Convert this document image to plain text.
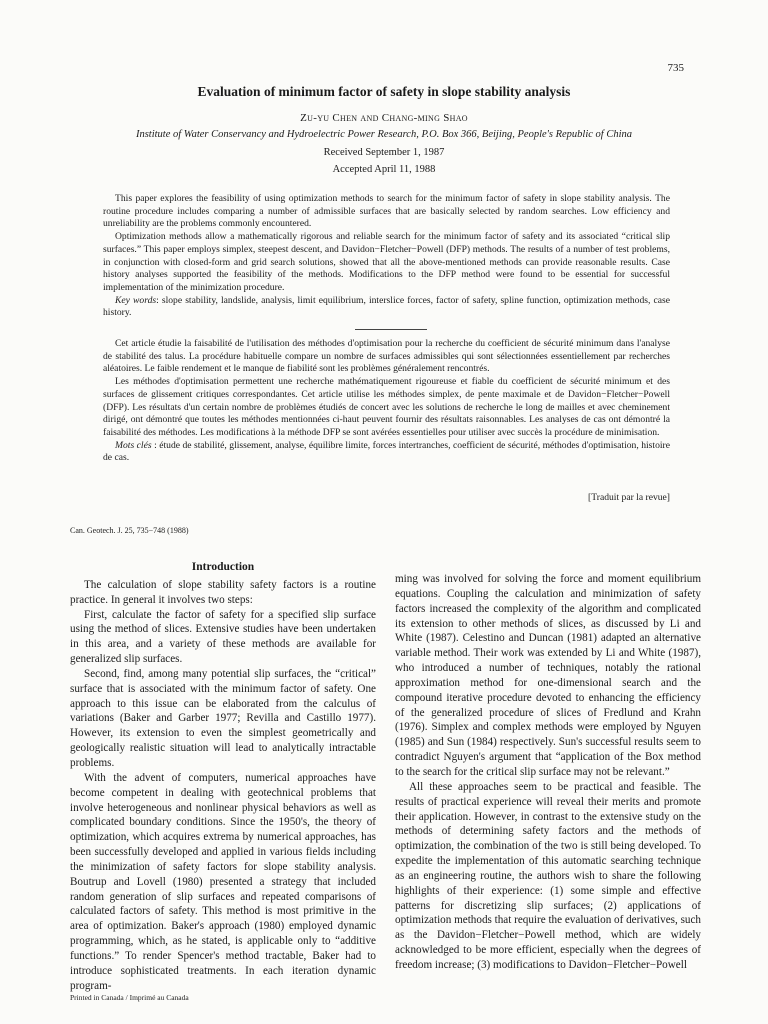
735
Evaluation of minimum factor of safety in slope stability analysis
Zu-yu Chen and Chang-ming Shao
Institute of Water Conservancy and Hydroelectric Power Research, P.O. Box 366, Beijing, People's Republic of China
Received September 1, 1987
Accepted April 11, 1988

This paper explores the feasibility of using optimization methods to search for the minimum factor of safety in slope stability analysis. The routine procedure includes comparing a number of admissible surfaces that are basically selected by random searches. Low efficiency and unreliability are the problems commonly encountered.

Optimization methods allow a mathematically rigorous and reliable search for the minimum factor of safety and its associated “critical slip surfaces.” This paper employs simplex, steepest descent, and Davidon−Fletcher−Powell (DFP) methods. The results of a number of test problems, in conjunction with closed-form and grid search solutions, showed that all the above-mentioned methods can provide reasonable results. Case history analyses supported the feasibility of the methods. Modifications to the DFP method were found to be essential for successful implementation of the minimization procedure.

Key words: slope stability, landslide, analysis, limit equilibrium, interslice forces, factor of safety, spline function, optimization methods, case history.

Cet article étudie la faisabilité de l'utilisation des méthodes d'optimisation pour la recherche du coefficient de sécurité minimum dans l'analyse de stabilité des talus. La procédure habituelle compare un nombre de surfaces admissibles qui sont sélectionnées essentiellement par recherches aléatoires. Le faible rendement et le manque de fiabilité sont les problèmes généralement rencontrés.

Les méthodes d'optimisation permettent une recherche mathématiquement rigoureuse et fiable du coefficient de sécurité minimum et des surfaces de glissement critiques correspondantes. Cet article utilise les méthodes simplex, de pente maximale et de Davidon−Fletcher−Powell (DFP). Les résultats d'un certain nombre de problèmes étudiés de concert avec les solutions de recherche le long de mailles et avec cheminement dirigé, ont démontré que toutes les méthodes mentionnées ci-haut peuvent fournir des résultats raisonnables. Les analyses de cas ont démontré la faisabilité des méthodes. Les modifications à la méthode DFP se sont avérées essentielles pour utiliser avec succès la procédure de minimisation.

Mots clés : étude de stabilité, glissement, analyse, équilibre limite, forces intertranches, coefficient de sécurité, méthodes d'optimisation, histoire de cas.

[Traduit par la revue]
Can. Geotech. J. 25, 735−748 (1988)

Introduction

The calculation of slope stability safety factors is a routine practice. In general it involves two steps:

First, calculate the factor of safety for a specified slip surface using the method of slices. Extensive studies have been undertaken in this area, and a variety of these methods are available for generalized slip surfaces.

Second, find, among many potential slip surfaces, the “critical” surface that is associated with the minimum factor of safety. One approach to this issue can be elaborated from the calculus of variations (Baker and Garber 1977; Revilla and Castillo 1977). However, its extension to even the simplest geometrically and geologically realistic situation will lead to analytically intractable problems.

With the advent of computers, numerical approaches have become competent in dealing with geotechnical problems that involve heterogeneous and nonlinear physical behaviors as well as complicated boundary conditions. Since the 1950's, the theory of optimization, which acquires extrema by numerical approaches, has been successfully developed and applied in various fields including the minimization of safety factors for slope stability analysis. Boutrup and Lovell (1980) presented a strategy that included random generation of slip surfaces and repeated comparisons of calculated factors of safety. This method is most primitive in the area of optimization. Baker's approach (1980) employed dynamic programming, which, as he stated, is applicable only to “additive functions.” To render Spencer's method tractable, Baker had to introduce sophisticated treatments. In each iteration dynamic program-

ming was involved for solving the force and moment equilibrium equations. Coupling the calculation and minimization of safety factors increased the complexity of the algorithm and complicated its extension to other methods of slices, as discussed by Li and White (1987). Celestino and Duncan (1981) adapted an alternative variable method. Their work was extended by Li and White (1987), who introduced a number of techniques, notably the rational approximation method for one-dimensional search and the compound iterative procedure devoted to enhancing the efficiency of the generalized procedure of slices of Fredlund and Krahn (1976). Simplex and complex methods were employed by Nguyen (1985) and Sun (1984) respectively. Sun's successful results seem to contradict Nguyen's argument that “application of the Box method to the search for the critical slip surface may not be relevant.”

All these approaches seem to be practical and feasible. The results of practical experience will reveal their merits and promote their application. However, in contrast to the extensive study on the methods of determining safety factors and the methods of optimization, the combination of the two is still being developed. To expedite the implementation of this automatic searching technique as an engineering routine, the authors wish to share the following highlights of their experience: (1) some simple and effective patterns for discretizing slip surfaces; (2) applications of optimization methods that require the evaluation of derivatives, such as the Davidon−Fletcher−Powell method, which are widely acknowledged to be more efficient, especially when the degrees of freedom increase; (3) modifications to Davidon−Fletcher−Powell

Printed in Canada / Imprimé au Canada
